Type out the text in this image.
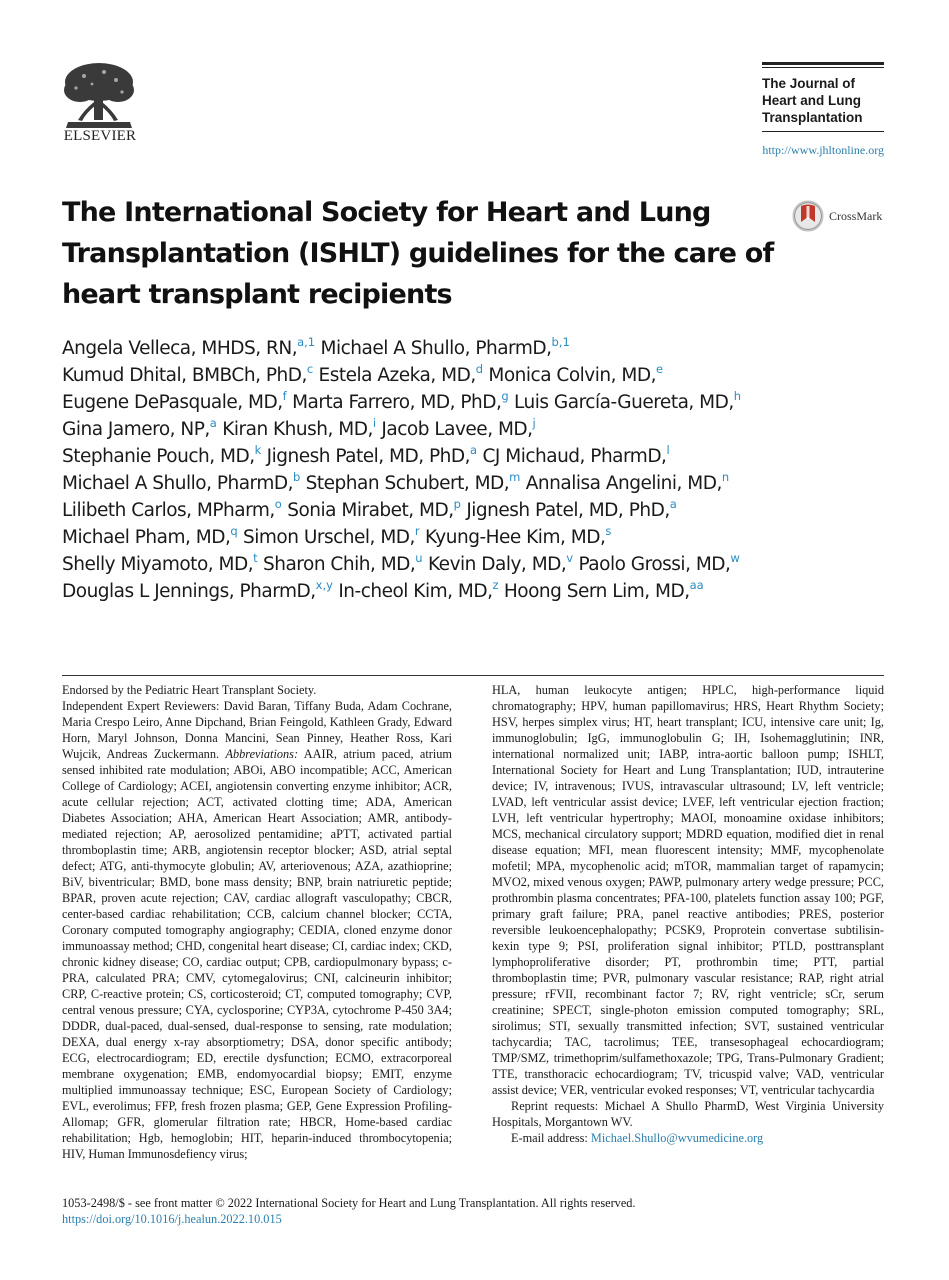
ELSEVIER
The Journal of
Heart and Lung
Transplantation
http://www.jhltonline.org
CrossMark
The International Society for Heart and Lung Transplantation (ISHLT) guidelines for the care of heart transplant recipients
Angela Velleca, MHDS, RN,$^{a,1}$ Michael A Shullo, PharmD,$^{b,1}$
Kumud Dhital, BMBCh, PhD,$^c$ Estela Azeka, MD,$^d$ Monica Colvin, MD,$^e$
Eugene DePasquale, MD,$^f$ Marta Farrero, MD, PhD,$^g$ Luis García-Guereta, MD,$^h$
Gina Jamero, NP,$^a$ Kiran Khush, MD,$^i$ Jacob Lavee, MD,$^j$
Stephanie Pouch, MD,$^k$ Jignesh Patel, MD, PhD,$^a$ CJ Michaud, PharmD,$^l$
Michael A Shullo, PharmD,$^b$ Stephan Schubert, MD,$^m$ Annalisa Angelini, MD,$^n$
Lilibeth Carlos, MPharm,$^o$ Sonia Mirabet, MD,$^p$ Jignesh Patel, MD, PhD,$^a$
Michael Pham, MD,$^q$ Simon Urschel, MD,$^r$ Kyung-Hee Kim, MD,$^s$
Shelly Miyamoto, MD,$^t$ Sharon Chih, MD,$^u$ Kevin Daly, MD,$^v$ Paolo Grossi, MD,$^w$
Douglas L Jennings, PharmD,$^{x,y}$ In-cheol Kim, MD,$^z$ Hoong Sern Lim, MD,$^{aa}$

Endorsed by the Pediatric Heart Transplant Society.

Independent Expert Reviewers: David Baran, Tiffany Buda, Adam Cochrane, Maria Crespo Leiro, Anne Dipchand, Brian Feingold, Kathleen Grady, Edward Horn, Maryl Johnson, Donna Mancini, Sean Pinney, Heather Ross, Kari Wujcik, Andreas Zuckermann. Abbreviations: AAIR, atrium paced, atrium sensed inhibited rate modulation; ABOi, ABO incompatible; ACC, American College of Cardiology; ACEI, angiotensin converting enzyme inhibitor; ACR, acute cellular rejection; ACT, activated clotting time; ADA, American Diabetes Association; AHA, American Heart Association; AMR, antibody-mediated rejection; AP, aerosolized pentamidine; aPTT, activated partial thromboplastin time; ARB, angiotensin receptor blocker; ASD, atrial septal defect; ATG, anti-thymocyte globulin; AV, arteriovenous; AZA, azathioprine; BiV, biventricular; BMD, bone mass density; BNP, brain natriuretic peptide; BPAR, proven acute rejection; CAV, cardiac allograft vasculopathy; CBCR, center-based cardiac rehabilitation; CCB, calcium channel blocker; CCTA, Coronary computed tomography angiography; CEDIA, cloned enzyme donor immunoassay method; CHD, congenital heart disease; CI, cardiac index; CKD, chronic kidney disease; CO, cardiac output; CPB, cardiopulmonary bypass; c-PRA, calculated PRA; CMV, cytomegalovirus; CNI, calcineurin inhibitor; CRP, C-reactive protein; CS, corticosteroid; CT, computed tomography; CVP, central venous pressure; CYA, cyclosporine; CYP3A, cytochrome P-450 3A4; DDDR, dual-paced, dual-sensed, dual-response to sensing, rate modulation; DEXA, dual energy x-ray absorptiometry; DSA, donor specific antibody; ECG, electrocardiogram; ED, erectile dysfunction; ECMO, extracorporeal membrane oxygenation; EMB, endomyocardial biopsy; EMIT, enzyme multiplied immunoassay technique; ESC, European Society of Cardiology; EVL, everolimus; FFP, fresh frozen plasma; GEP, Gene Expression Profiling-Allomap; GFR, glomerular filtration rate; HBCR, Home-based cardiac rehabilitation; Hgb, hemoglobin; HIT, heparin-induced thrombocytopenia; HIV, Human Immunosdefiency virus;

HLA, human leukocyte antigen; HPLC, high-performance liquid chromatography; HPV, human papillomavirus; HRS, Heart Rhythm Society; HSV, herpes simplex virus; HT, heart transplant; ICU, intensive care unit; Ig, immunoglobulin; IgG, immunoglobulin G; IH, Isohemagglutinin; INR, international normalized unit; IABP, intra-aortic balloon pump; ISHLT, International Society for Heart and Lung Transplantation; IUD, intrauterine device; IV, intravenous; IVUS, intravascular ultrasound; LV, left ventricle; LVAD, left ventricular assist device; LVEF, left ventricular ejection fraction; LVH, left ventricular hypertrophy; MAOI, monoamine oxidase inhibitors; MCS, mechanical circulatory support; MDRD equation, modified diet in renal disease equation; MFI, mean fluorescent intensity; MMF, mycophenolate mofetil; MPA, mycophenolic acid; mTOR, mammalian target of rapamycin; MVO2, mixed venous oxygen; PAWP, pulmonary artery wedge pressure; PCC, prothrombin plasma concentrates; PFA-100, platelets function assay 100; PGF, primary graft failure; PRA, panel reactive antibodies; PRES, posterior reversible leukoencephalopathy; PCSK9, Proprotein convertase subtilisin-kexin type 9; PSI, proliferation signal inhibitor; PTLD, posttransplant lymphoproliferative disorder; PT, prothrombin time; PTT, partial thromboplastin time; PVR, pulmonary vascular resistance; RAP, right atrial pressure; rFVII, recombinant factor 7; RV, right ventricle; sCr, serum creatinine; SPECT, single-photon emission computed tomography; SRL, sirolimus; STI, sexually transmitted infection; SVT, sustained ventricular tachycardia; TAC, tacrolimus; TEE, transesophageal echocardiogram; TMP/SMZ, trimethoprim/sulfamethoxazole; TPG, Trans-Pulmonary Gradient; TTE, transthoracic echocardiogram; TV, tricuspid valve; VAD, ventricular assist device; VER, ventricular evoked responses; VT, ventricular tachycardia

Reprint requests: Michael A Shullo PharmD, West Virginia University Hospitals, Morgantown WV.

E-mail address: Michael.Shullo@wvumedicine.org

1053-2498/$ - see front matter © 2022 International Society for Heart and Lung Transplantation. All rights reserved.
https://doi.org/10.1016/j.healun.2022.10.015
